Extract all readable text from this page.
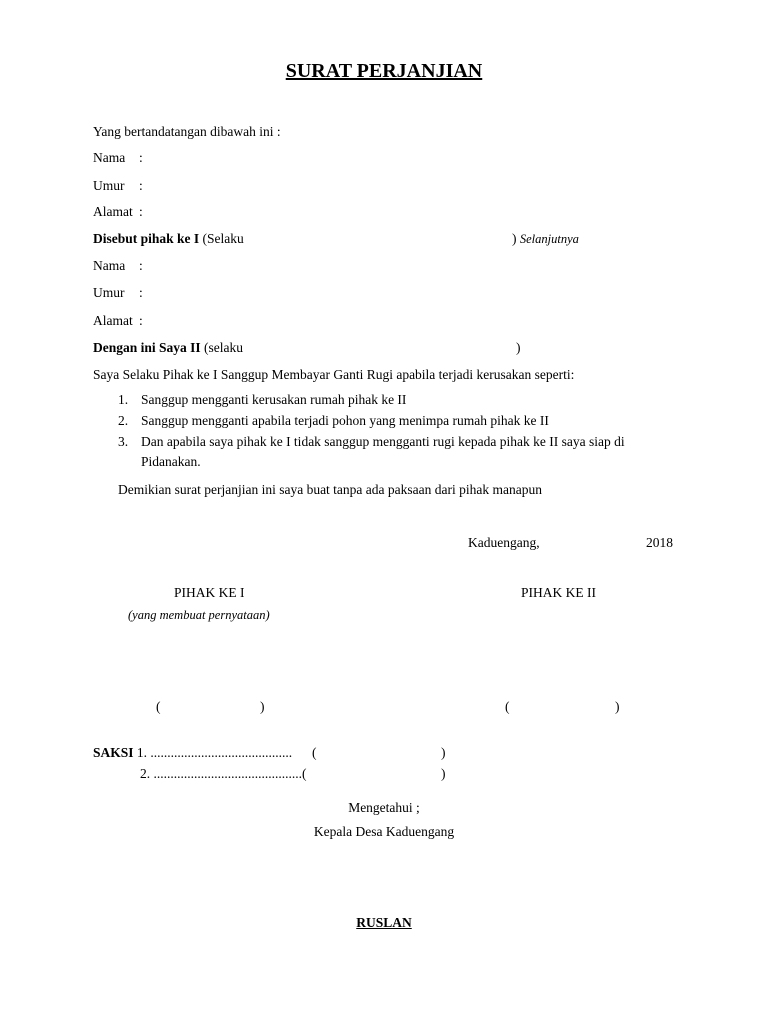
SURAT PERJANJIAN
Yang bertandatangan dibawah ini :
Nama :
Umur :
Alamat :
Disebut pihak ke I (Selaku	) Selanjutnya
Nama :
Umur :
Alamat :
Dengan ini Saya II (selaku	)
Saya Selaku Pihak ke I Sanggup Membayar Ganti Rugi apabila terjadi kerusakan seperti:
1. Sanggup mengganti kerusakan rumah pihak ke II
2. Sanggup mengganti apabila terjadi pohon yang menimpa rumah pihak ke II
3. Dan apabila saya pihak ke I tidak sanggup mengganti rugi kepada pihak ke II saya siap di
Pidanakan.
Demikian surat perjanjian ini saya buat tanpa ada paksaan dari pihak manapun
Kaduengang,	2018
PIHAK KE I
(yang membuat pernyataan)
PIHAK KE II
(	)	(	)
SAKSI 1. .......................................... (	)
2. ............................................(	)
Mengetahui ;
Kepala Desa Kaduengang
RUSLAN
